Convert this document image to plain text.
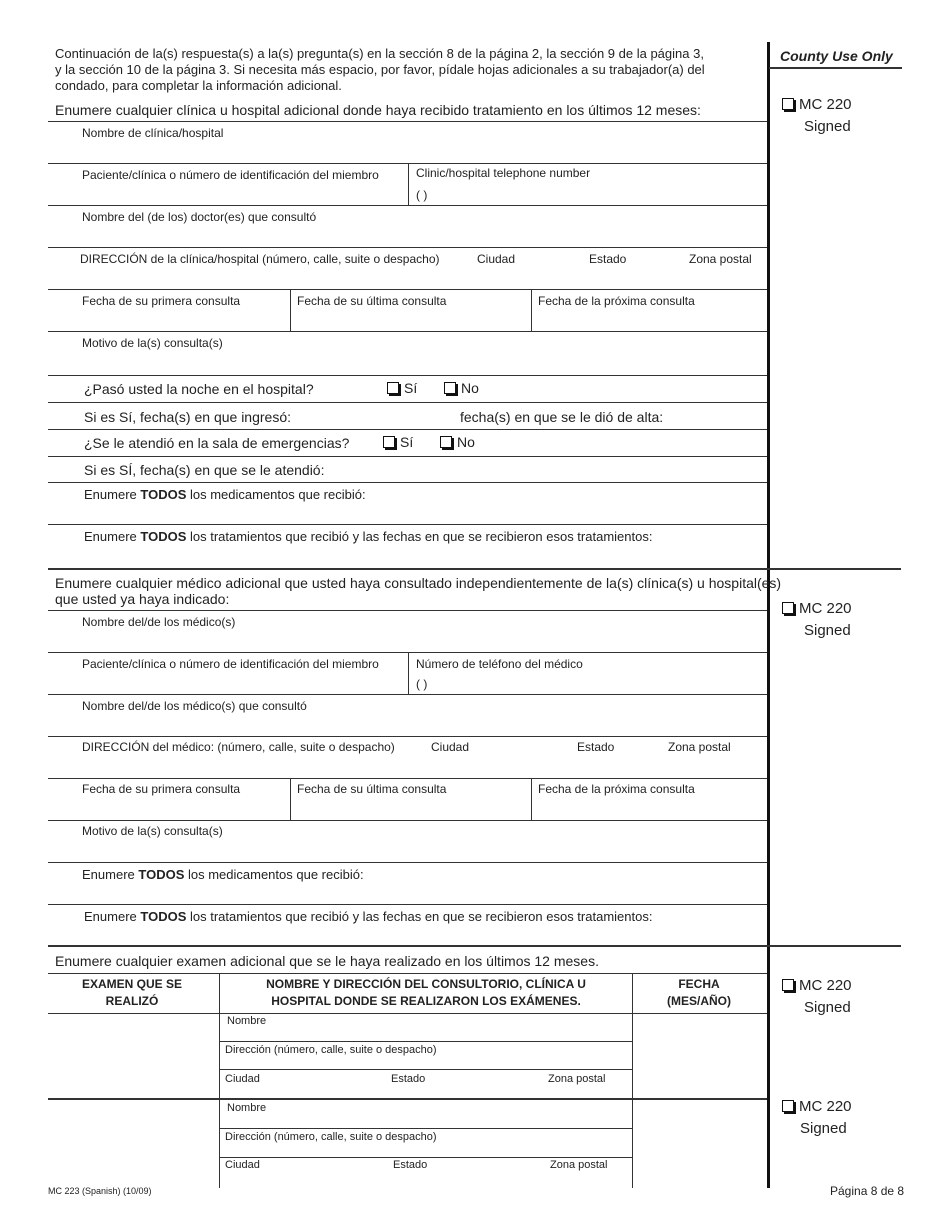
Continuación de la(s) respuesta(s) a la(s) pregunta(s) en la sección 8 de la página 2, la sección 9 de la página 3,
y la sección 10 de la página 3. Si necesita más espacio, por favor, pídale hojas adicionales a su trabajador(a) del
condado, para completar la información adicional.
County Use Only
Enumere cualquier clínica u hospital adicional donde haya recibido tratamiento en los últimos 12 meses:
Nombre de clínica/hospital
Paciente/clínica o número de identificación del miembro	Clinic/hospital telephone number
( )
Nombre del (de los) doctor(es) que consultó
DIRECCIÓN de la clínica/hospital (número, calle, suite o despacho)	Ciudad	Estado	Zona postal
Fecha de su primera consulta	Fecha de su última consulta	Fecha de la próxima consulta
Motivo de la(s) consulta(s)
¿Pasó usted la noche en el hospital?	Sí	No
Si es Sí, fecha(s) en que ingresó:	fecha(s) en que se le dió de alta:
¿Se le atendió en la sala de emergencias?	Sí	No
Si es SÍ, fecha(s) en que se le atendió:
Enumere TODOS los medicamentos que recibió:
Enumere TODOS los tratamientos que recibió y las fechas en que se recibieron esos tratamientos:
MC 220
Signed
Enumere cualquier médico adicional que usted haya consultado independientemente de la(s) clínica(s) u hospital(es)
que usted ya haya indicado:
Nombre del/de los médico(s)
Paciente/clínica o número de identificación del miembro	Número de teléfono del médico
( )
Nombre del/de los médico(s) que consultó
DIRECCIÓN del médico: (número, calle, suite o despacho)	Ciudad	Estado	Zona postal
Fecha de su primera consulta	Fecha de su última consulta	Fecha de la próxima consulta
Motivo de la(s) consulta(s)
Enumere TODOS los medicamentos que recibió:
Enumere TODOS los tratamientos que recibió y las fechas en que se recibieron esos tratamientos:
MC 220
Signed
Enumere cualquier examen adicional que se le haya realizado en los últimos 12 meses.
EXAMEN QUE SE REALIZÓ
NOMBRE Y DIRECCIÓN DEL CONSULTORIO, CLÍNICA U HOSPITAL DONDE SE REALIZARON LOS EXÁMENES.
FECHA (MES/AÑO)
Nombre
Dirección (número, calle, suite o despacho)
Ciudad	Estado	Zona postal
Nombre
Dirección (número, calle, suite o despacho)
Ciudad	Estado	Zona postal
MC 220
Signed
MC 220
Signed
MC 223 (Spanish) (10/09)	Página 8 de 8
